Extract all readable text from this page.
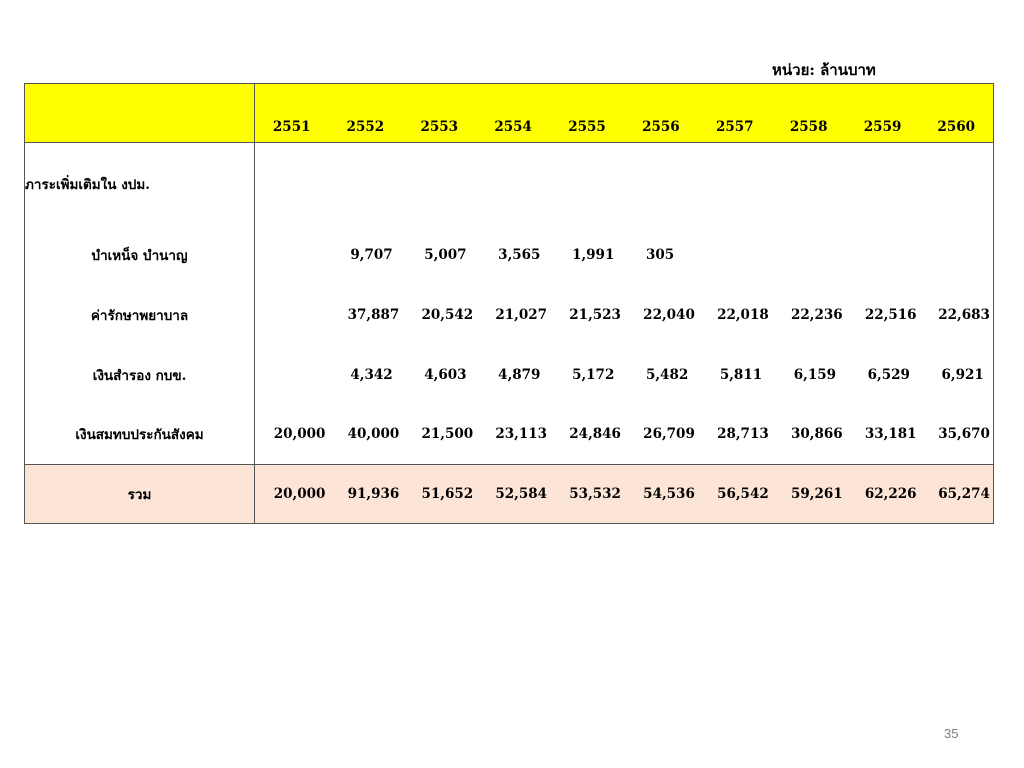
หน่วย: ล้านบาท
	2551	2552	2553	2554	2555	2556	2557	2558	2559	2560
ภาระเพิ่มเติมใน งปม.										
บำเหน็จ บำนาญ		9,707	5,007	3,565	1,991	305				
ค่ารักษาพยาบาล		37,887	20,542	21,027	21,523	22,040	22,018	22,236	22,516	22,683
เงินสำรอง กบข.		4,342	4,603	4,879	5,172	5,482	5,811	6,159	6,529	6,921
เงินสมทบประกันสังคม	20,000	40,000	21,500	23,113	24,846	26,709	28,713	30,866	33,181	35,670
รวม	20,000	91,936	51,652	52,584	53,532	54,536	56,542	59,261	62,226	65,274
35
